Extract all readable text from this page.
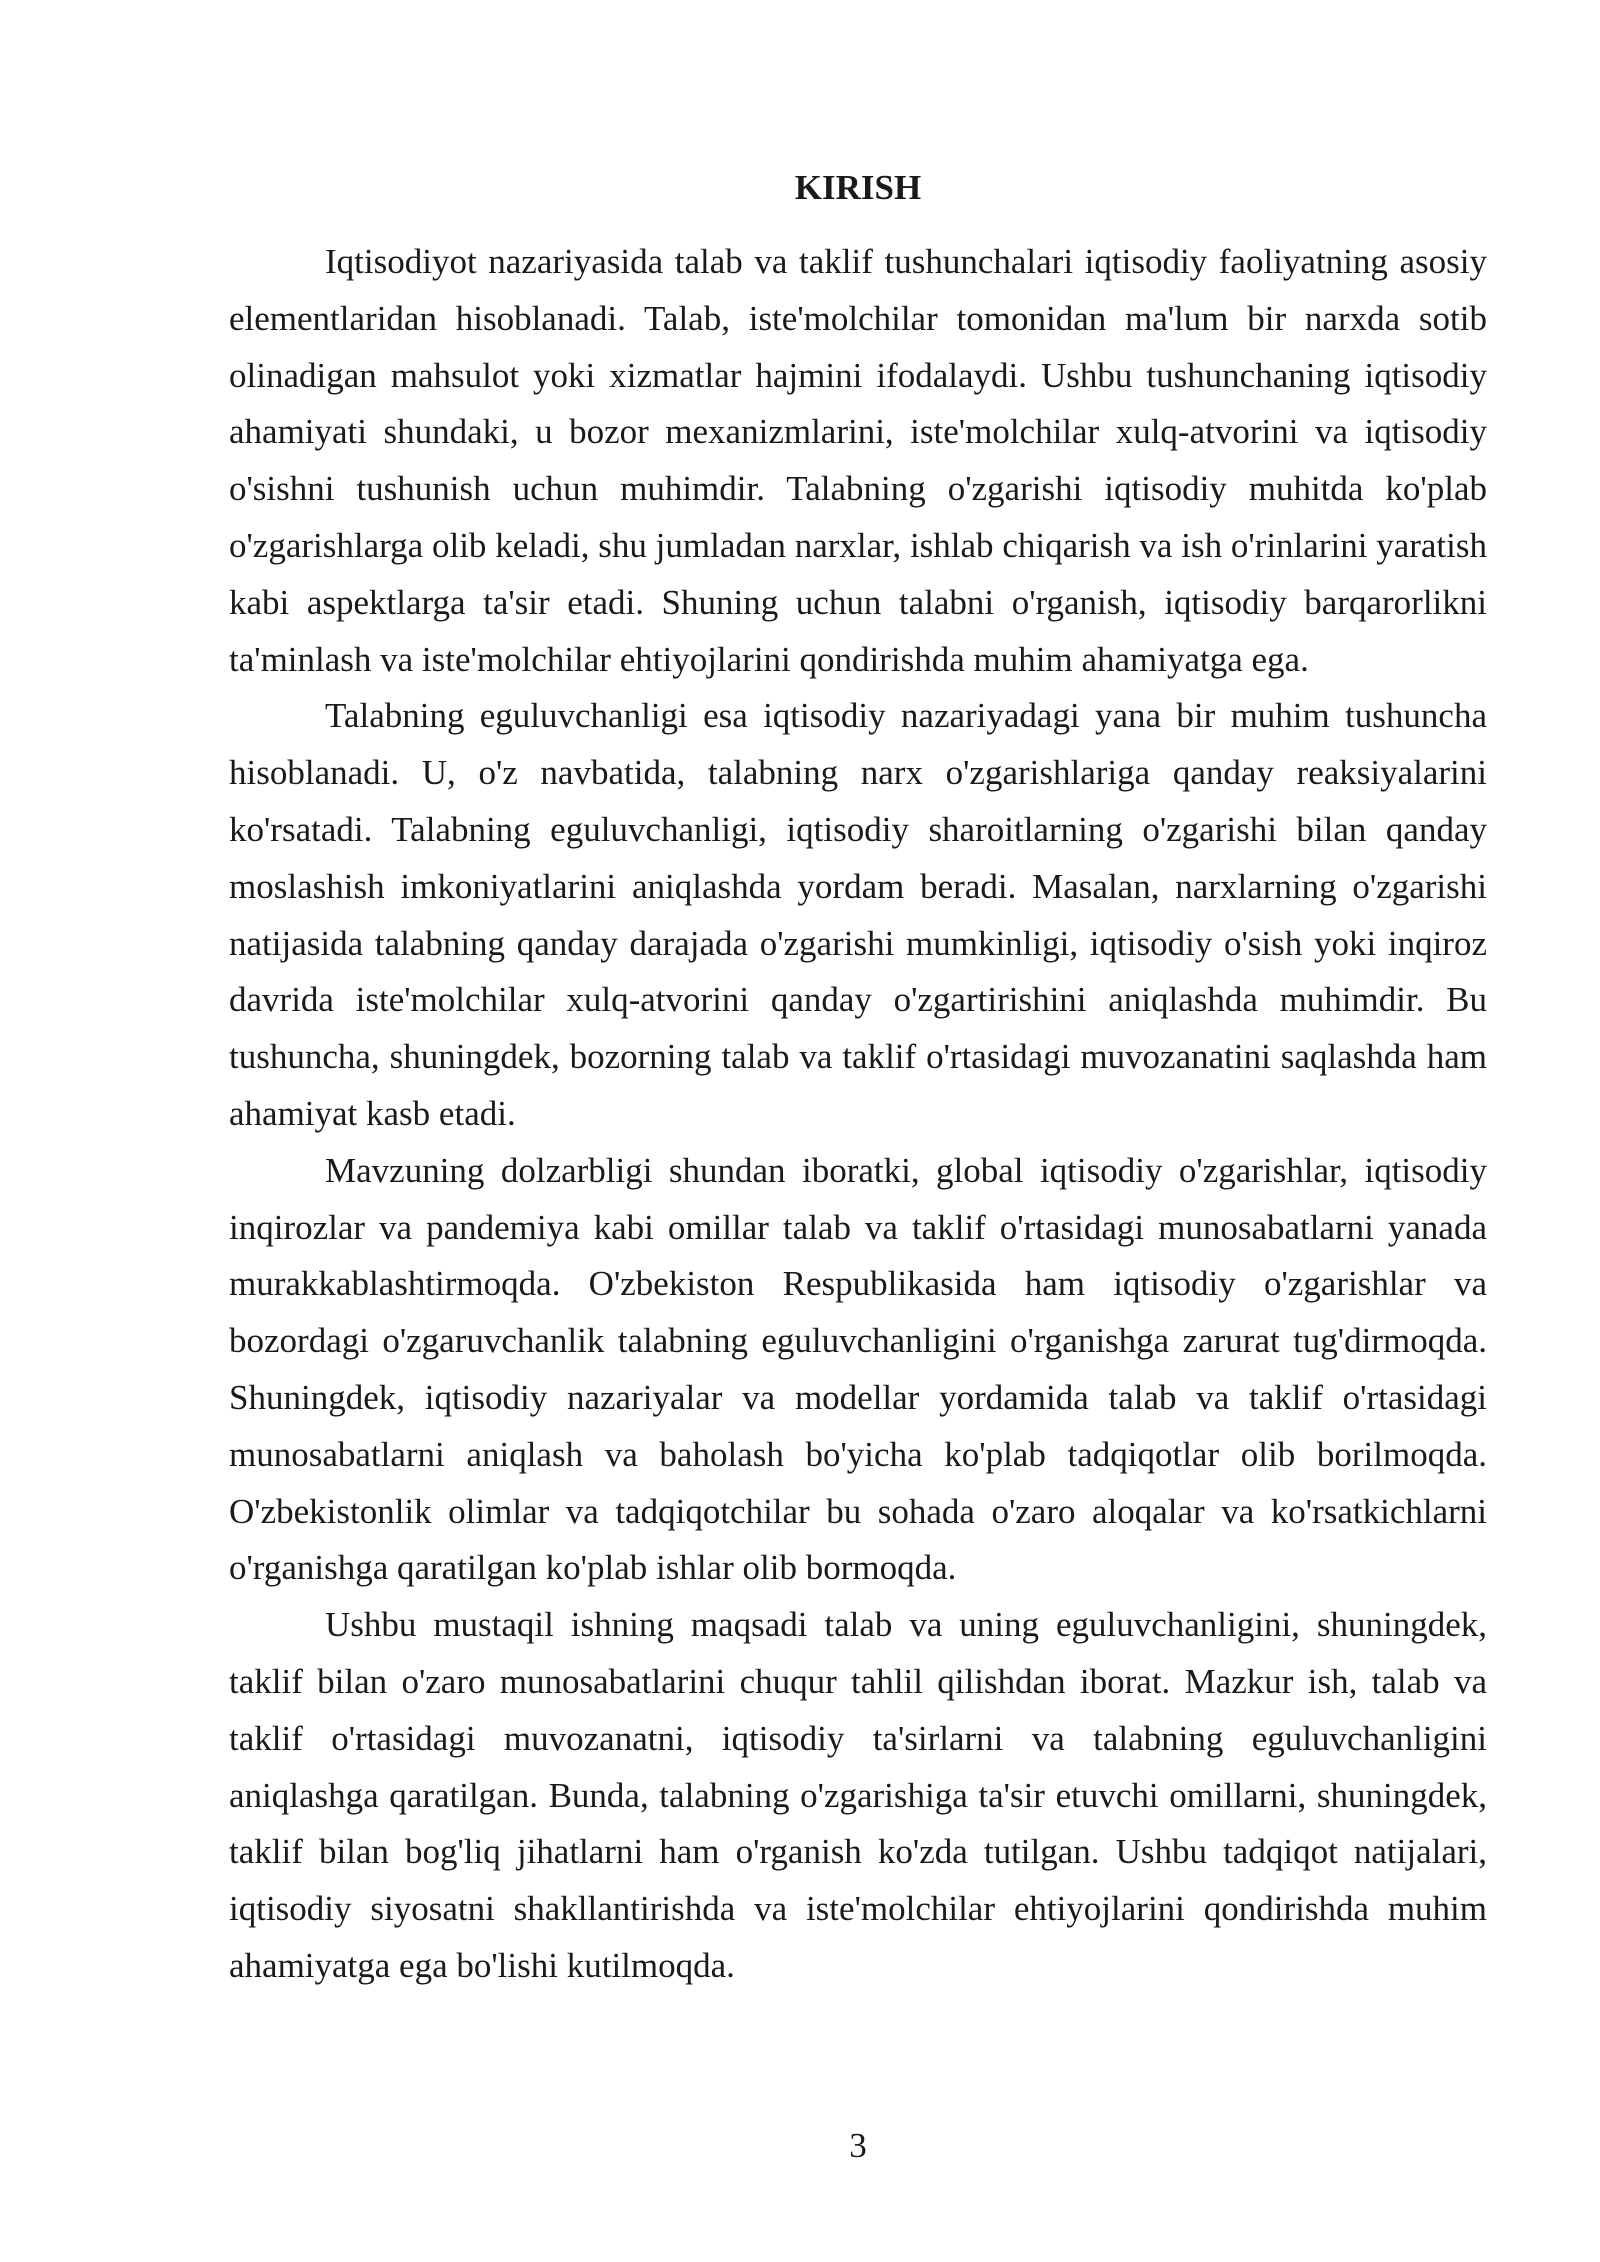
KIRISH

Iqtisodiyot nazariyasida talab va taklif tushunchalari iqtisodiy faoliyatning asosiy elementlaridan hisoblanadi. Talab, iste'molchilar tomonidan ma'lum bir narxda sotib olinadigan mahsulot yoki xizmatlar hajmini ifodalaydi. Ushbu tushunchaning iqtisodiy ahamiyati shundaki, u bozor mexanizmlarini, iste'molchilar xulq-atvorini va iqtisodiy o'sishni tushunish uchun muhimdir. Talabning o'zgarishi iqtisodiy muhitda ko'plab o'zgarishlarga olib keladi, shu jumladan narxlar, ishlab chiqarish va ish o'rinlarini yaratish kabi aspektlarga ta'sir etadi. Shuning uchun talabni o'rganish, iqtisodiy barqarorlikni ta'minlash va iste'molchilar ehtiyojlarini qondirishda muhim ahamiyatga ega.

Talabning eguluvchanligi esa iqtisodiy nazariyadagi yana bir muhim tushuncha hisoblanadi. U, o'z navbatida, talabning narx o'zgarishlariga qanday reaksiyalarini ko'rsatadi. Talabning eguluvchanligi, iqtisodiy sharoitlarning o'zgarishi bilan qanday moslashish imkoniyatlarini aniqlashda yordam beradi. Masalan, narxlarning o'zgarishi natijasida talabning qanday darajada o'zgarishi mumkinligi, iqtisodiy o'sish yoki inqiroz davrida iste'molchilar xulq-atvorini qanday o'zgartirishini aniqlashda muhimdir. Bu tushuncha, shuningdek, bozorning talab va taklif o'rtasidagi muvozanatini saqlashda ham ahamiyat kasb etadi.

Mavzuning dolzarbligi shundan iboratki, global iqtisodiy o'zgarishlar, iqtisodiy inqirozlar va pandemiya kabi omillar talab va taklif o'rtasidagi munosabatlarni yanada murakkablashtirmoqda. O'zbekiston Respublikasida ham iqtisodiy o'zgarishlar va bozordagi o'zgaruvchanlik talabning eguluvchanligini o'rganishga zarurat tug'dirmoqda. Shuningdek, iqtisodiy nazariyalar va modellar yordamida talab va taklif o'rtasidagi munosabatlarni aniqlash va baholash bo'yicha ko'plab tadqiqotlar olib borilmoqda. O'zbekistonlik olimlar va tadqiqotchilar bu sohada o'zaro aloqalar va ko'rsatkichlarni o'rganishga qaratilgan ko'plab ishlar olib bormoqda.

Ushbu mustaqil ishning maqsadi talab va uning eguluvchanligini, shuningdek, taklif bilan o'zaro munosabatlarini chuqur tahlil qilishdan iborat. Mazkur ish, talab va taklif o'rtasidagi muvozanatni, iqtisodiy ta'sirlarni va talabning eguluvchanligini aniqlashga qaratilgan. Bunda, talabning o'zgarishiga ta'sir etuvchi omillarni, shuningdek, taklif bilan bog'liq jihatlarni ham o'rganish ko'zda tutilgan. Ushbu tadqiqot natijalari, iqtisodiy siyosatni shakllantirishda va iste'molchilar ehtiyojlarini qondirishda muhim ahamiyatga ega bo'lishi kutilmoqda.

3
